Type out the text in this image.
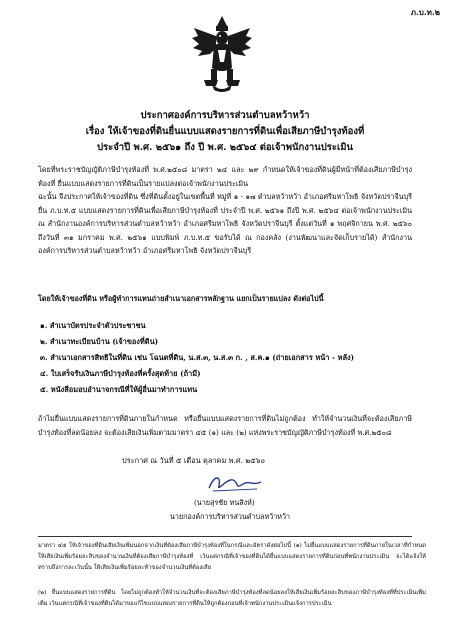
ภ.บ.ท.๒
ประกาศองค์การบริหารส่วนตำบลหว้าหว้า
เรื่อง ให้เจ้าของที่ดินยื่นแบบแสดงรายการที่ดินเพื่อเสียภาษีบำรุงท้องที่
ประจำปี พ.ศ. ๒๕๖๑ ถึง ปี พ.ศ. ๒๕๖๔ ต่อเจ้าพนักงานประเมิน
โดยที่พระราชบัญญัติภาษีบำรุงท้องที่ พ.ศ.๒๕๐๘ มาตรา ๒๔ และ ๒๙ กำหนดให้เจ้าของที่ดินผู้มีหน้าที่ต้องเสียภาษีบำรุงท้องที่ ยื่นแบบแสดงรายการที่ดินเป็นรายแปลงต่อเจ้าพนักงานประเมิน
ฉะนั้น จึงประกาศให้เจ้าของที่ดิน ซึ่งที่ดินตั้งอยู่ในเขตพื้นที่ หมู่ที่ ๑ - ๑๗ ตำบลหว้าหว้า อำเภอศรีมหาโพธิ จังหวัดปราจีนบุรี ยื่น ภ.บ.ท.๕ แบบแสดงรายการที่ดินเพื่อเสียภาษีบำรุงท้องที่ ประจำปี พ.ศ. ๒๕๖๑ ถึงปี พ.ศ. ๒๕๖๔ ต่อเจ้าพนักงานประเมิน ณ สำนักงานองค์การบริหารส่วนตำบลหว้าหว้า อำเภอศรีมหาโพธิ จังหวัดปราจีนบุรี ตั้งแต่วันที่ ๑ พฤศจิกายน พ.ศ. ๒๕๖๐ ถึงวันที่ ๓๑ มกราคม พ.ศ. ๒๕๖๑ แบบพิมพ์ ภ.บ.ท.๕ ขอรับได้ ณ กองคลัง (งานพัฒนาและจัดเก็บรายได้) สำนักงานองค์การบริหารส่วนตำบลหว้าหว้า อำเภอศรีมหาโพธิ จังหวัดปราจีนบุรี
โดยให้เจ้าของที่ดิน หรือผู้ทำการแทนถ่ายสำเนาเอกสารหลักฐาน แยกเป็นรายแปลง ดังต่อไปนี้
๑. สำเนาบัตรประจำตัวประชาชน
๒. สำเนาทะเบียนบ้าน (เจ้าของที่ดิน)
๓. สำเนาเอกสารสิทธิในที่ดิน เช่น โฉนดที่ดิน, น.ส.๓, น.ส.๓ ก. , ส.ค.๑ (ถ่ายเอกสาร หน้า - หลัง)
๔. ใบเสร็จรับเงินภาษีบำรุงท้องที่ครั้งสุดท้าย (ถ้ามี)
๕. หนังสือมอบอำนาจกรณีที่ให้ผู้อื่นมาทำการแทน
ถ้าไม่ยื่นแบบแสดงรายการที่ดินภายในกำหนด หรือยื่นแบบแสดงรายการที่ดินไม่ถูกต้อง ทำให้จำนวนเงินที่จะต้องเสียภาษีบำรุงท้องที่ลดน้อยลง จะต้องเสียเงินเพิ่มตามมาตรา ๔๕ (๑) และ (๒) แห่งพระราชบัญญัติภาษีบำรุงท้องที่ พ.ศ.๒๕๐๘
ประกาศ ณ วันที่ ๕ เดือน ตุลาคม พ.ศ. ๒๕๖๐
(นายสุรชัย ทนสิงห์)
นายกองค์การบริหารส่วนตำบลหว้าหว้า
มาตรา ๔๕ ให้เจ้าของที่ดินเสียเงินเพิ่มนอกจากเงินที่ต้องเสียภาษีบำรุงท้องที่ในกรณีและอัตราดังต่อไปนี้ (๑) ไม่ยื่นแบบแสดงรายการที่ดินภายในเวลาที่กำหนด ให้เสียเงินเพิ่มร้อยละสิบของจำนวนเงินที่ต้องเสียภาษีบำรุงท้องที่ เว้นแต่กรณีที่เจ้าของที่ดินได้ยื่นแบบแสดงรายการที่ดินก่อนที่พนักงานประเมิน จะได้แจ้งให้ทราบถึงการละเว้นนั้น ให้เสียเงินเพิ่มร้อยละห้าของจำนวนเงินที่ต้องเสีย
(๒) ยื่นแบบแสดงรายการที่ดิน โดยไม่ถูกต้องทำให้จำนวนเงินที่จะต้องเสียภาษีบำรุงท้องที่ลดน้อยลงให้เสียเงินเพิ่มร้อยละสิบของภาษีบำรุงท้องที่ที่ประเมินเพิ่มเติม เว้นแต่กรณีที่เจ้าของที่ดินได้มาขอแก้ไขแบบแสดงรายการที่ดินให้ถูกต้องก่อนที่เจ้าพนักงานประเมินแจ้งการประเมิน
